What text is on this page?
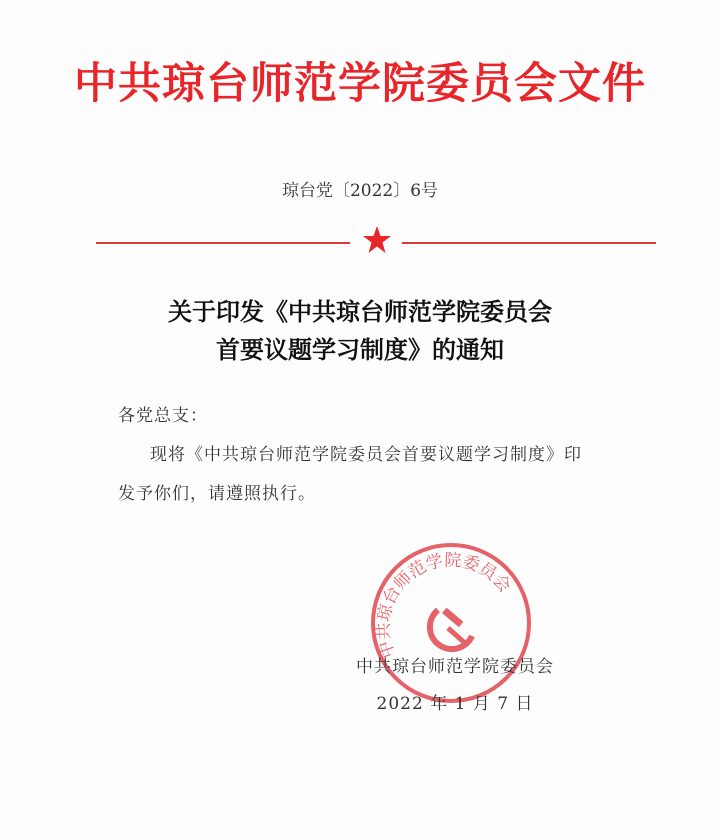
中共琼台师范学院委员会文件
琼台党〔2022〕6号
关于印发《中共琼台师范学院委员会
首要议题学习制度》的通知
各党总支：
现将《中共琼台师范学院委员会首要议题学习制度》印
发予你们，请遵照执行。
中共琼台师范学院委员会
中共琼台师范学院委员会
2022 年 1 月 7 日
